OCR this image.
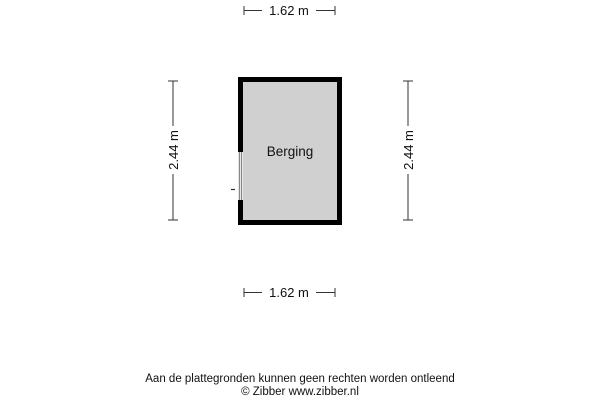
1.62 m
1.62 m
2.44 m	2.44 m
Berging
Aan de plattegronden kunnen geen rechten worden ontleend
© Zibber www.zibber.nl
